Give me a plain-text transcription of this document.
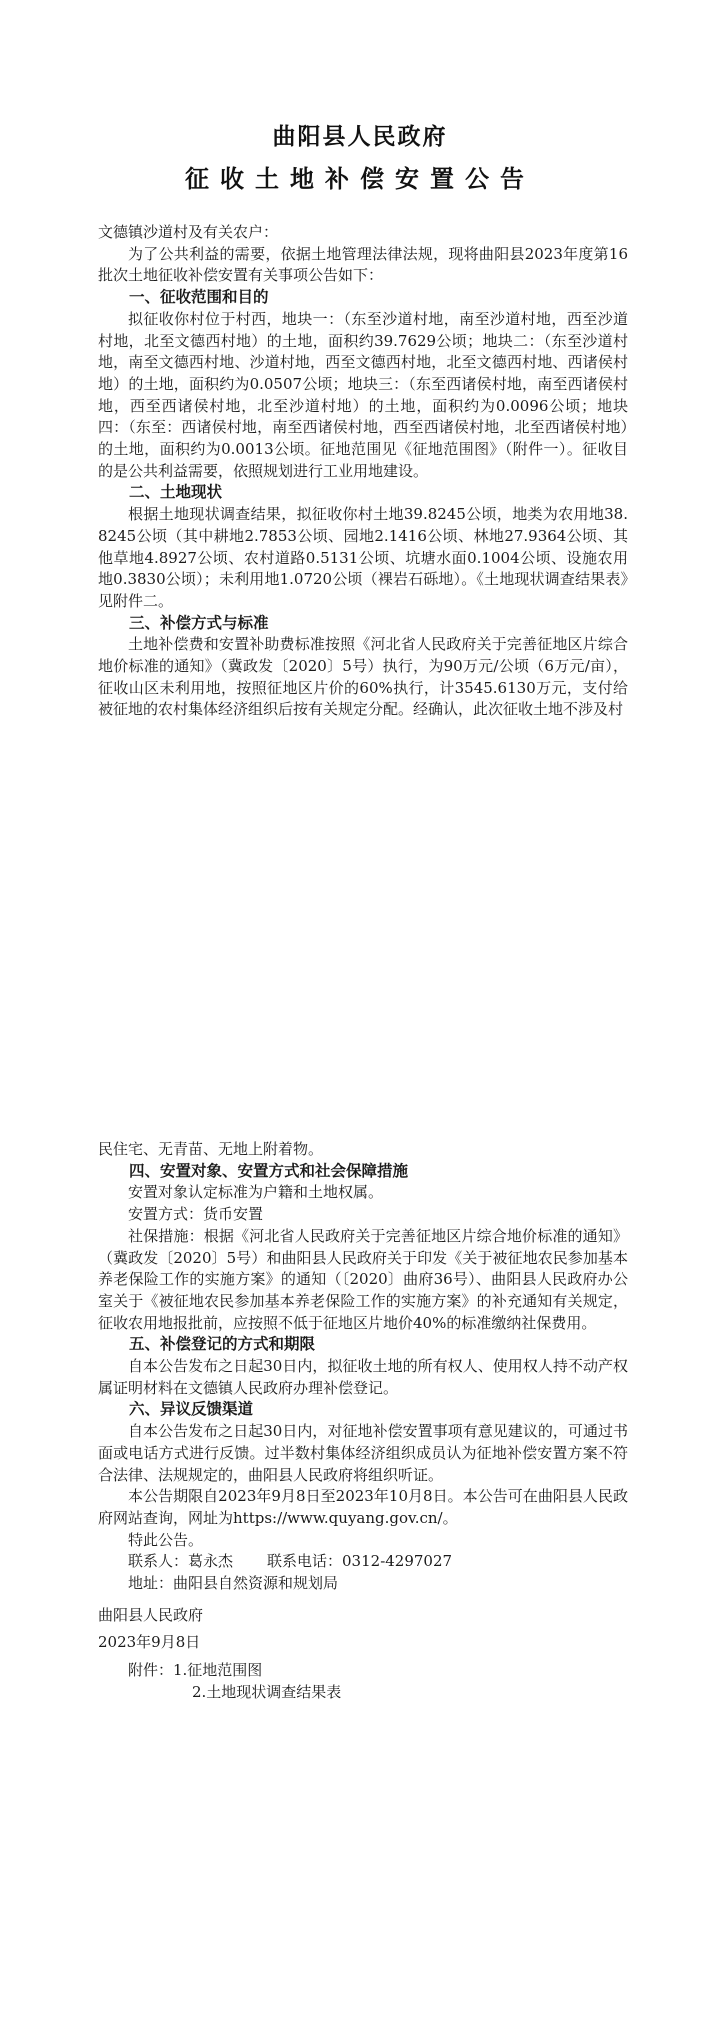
曲阳县人民政府

征收土地补偿安置公告

文德镇沙道村及有关农户：

为了公共利益的需要，依据土地管理法律法规，现将曲阳县2023年度第16批次土地征收补偿安置有关事项公告如下：

一、征收范围和目的

拟征收你村位于村西，地块一：（东至沙道村地，南至沙道村地，西至沙道村地，北至文德西村地）的土地，面积约39.7629公顷；地块二：（东至沙道村地，南至文德西村地、沙道村地，西至文德西村地，北至文德西村地、西诸侯村地）的土地，面积约为0.0507公顷；地块三：（东至西诸侯村地，南至西诸侯村地，西至西诸侯村地，北至沙道村地）的土地，面积约为0.0096公顷；地块四：（东至：西诸侯村地，南至西诸侯村地，西至西诸侯村地，北至西诸侯村地）的土地，面积约为0.0013公顷。征地范围见《征地范围图》（附件一）。征收目的是公共利益需要，依照规划进行工业用地建设。

二、土地现状

根据土地现状调查结果，拟征收你村土地39.8245公顷，地类为农用地38.8245公顷（其中耕地2.7853公顷、园地2.1416公顷、林地27.9364公顷、其他草地4.8927公顷、农村道路0.5131公顷、坑塘水面0.1004公顷、设施农用地0.3830公顷）；未利用地1.0720公顷（裸岩石砾地）。《土地现状调查结果表》见附件二。

三、补偿方式与标准

土地补偿费和安置补助费标准按照《河北省人民政府关于完善征地区片综合地价标准的通知》（冀政发〔2020〕5号）执行，为90万元/公顷（6万元/亩），征收山区未利用地，按照征地区片价的60%执行，计3545.6130万元，支付给被征地的农村集体经济组织后按有关规定分配。经确认，此次征收土地不涉及村

民住宅、无青苗、无地上附着物。

四、安置对象、安置方式和社会保障措施

安置对象认定标准为户籍和土地权属。

安置方式：货币安置

社保措施：根据《河北省人民政府关于完善征地区片综合地价标准的通知》（冀政发〔2020〕5号）和曲阳县人民政府关于印发《关于被征地农民参加基本养老保险工作的实施方案》的通知（〔2020〕曲府36号）、曲阳县人民政府办公室关于《被征地农民参加基本养老保险工作的实施方案》的补充通知有关规定，征收农用地报批前，应按照不低于征地区片地价40%的标准缴纳社保费用。

五、补偿登记的方式和期限

自本公告发布之日起30日内，拟征收土地的所有权人、使用权人持不动产权属证明材料在文德镇人民政府办理补偿登记。

六、异议反馈渠道

自本公告发布之日起30日内，对征地补偿安置事项有意见建议的，可通过书面或电话方式进行反馈。过半数村集体经济组织成员认为征地补偿安置方案不符合法律、法规规定的，曲阳县人民政府将组织听证。

本公告期限自2023年9月8日至2023年10月8日。本公告可在曲阳县人民政府网站查询，网址为https://www.quyang.gov.cn/。

特此公告。

联系人：葛永杰 联系电话：0312-4297027

地址：曲阳县自然资源和规划局

曲阳县人民政府

2023年9月8日

附件：1.征地范围图

2.土地现状调查结果表
